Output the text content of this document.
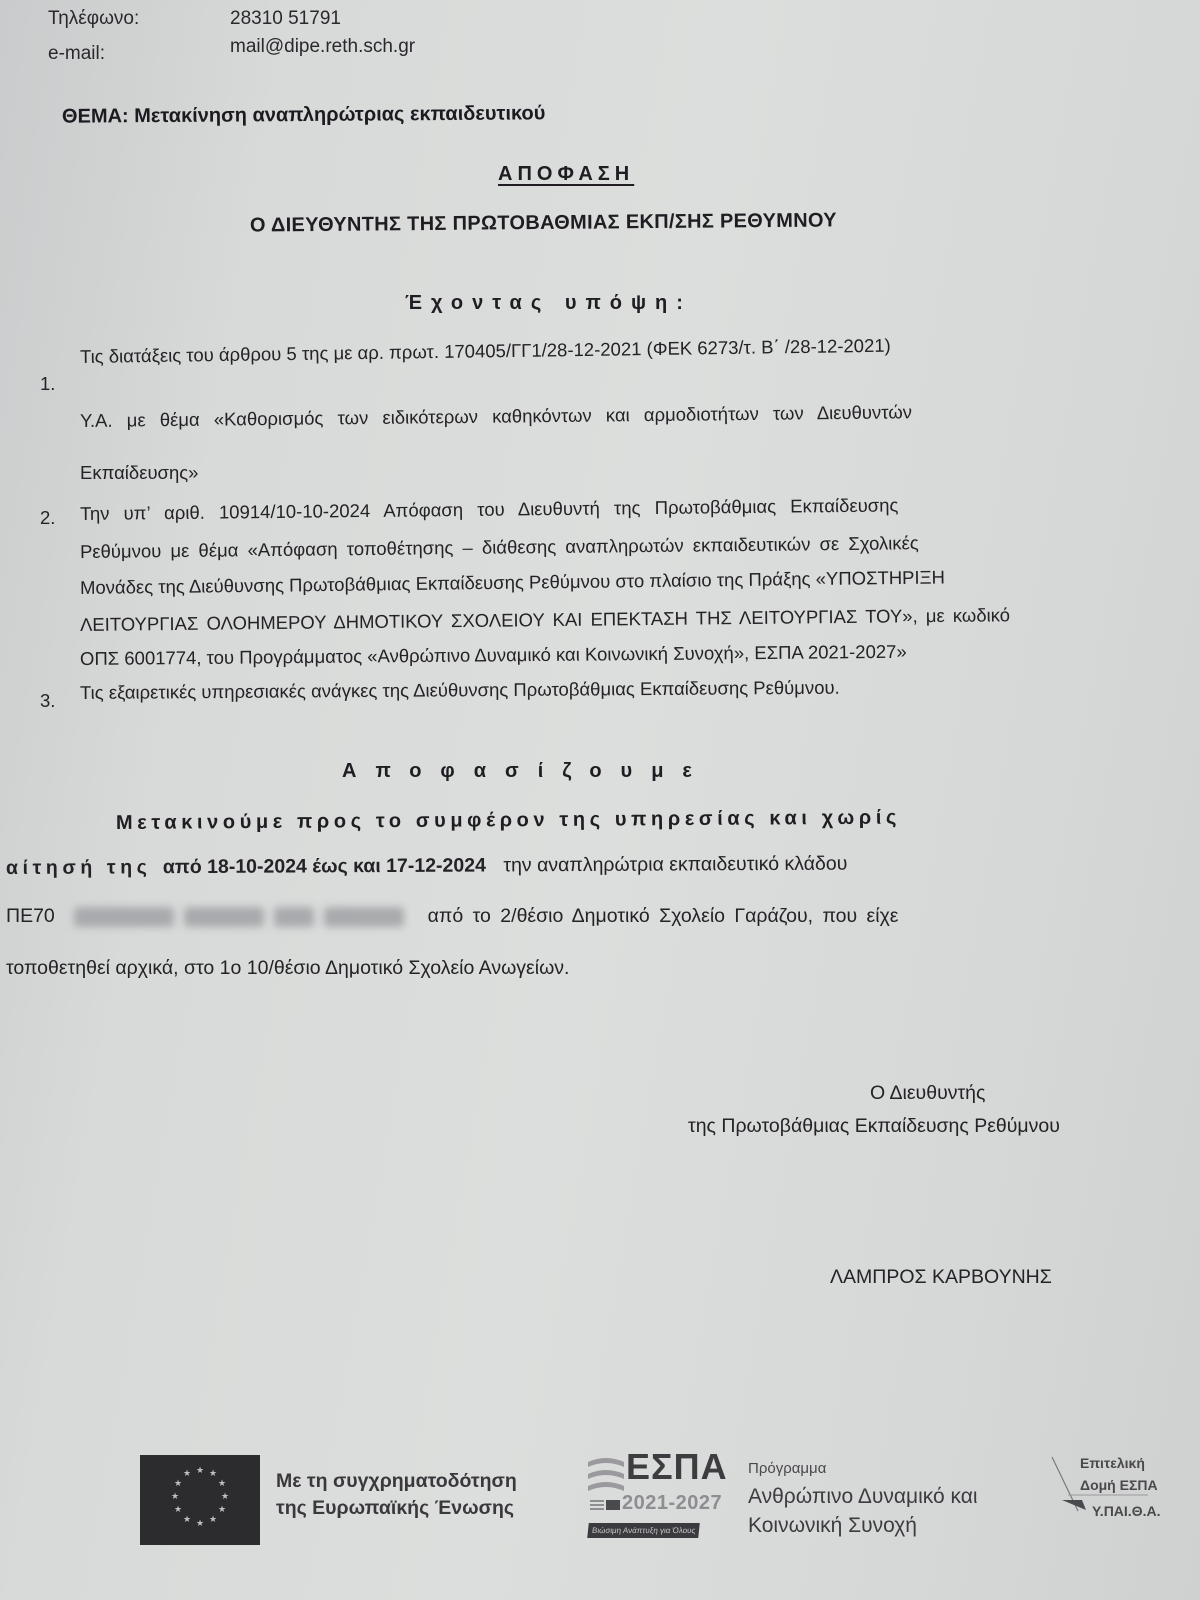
Τηλέφωνο:	28310 51791
e-mail:	mail@dipe.reth.sch.gr
ΘΕΜΑ: Μετακίνηση αναπληρώτριας εκπαιδευτικού
ΑΠΟΦΑΣΗ
Ο ΔΙΕΥΘΥΝΤΗΣ ΤΗΣ ΠΡΩΤΟΒΑΘΜΙΑΣ ΕΚΠ/ΣΗΣ ΡΕΘΥΜΝΟΥ
Έχοντας υπόψη:
1.
Τις διατάξεις του άρθρου 5 της με αρ. πρωτ. 170405/ΓΓ1/28-12-2021 (ΦΕΚ 6273/τ. Β΄ /28-12-2021)
Υ.Α. με θέμα «Καθορισμός των ειδικότερων καθηκόντων και αρμοδιοτήτων των Διευθυντών
Εκπαίδευσης»
2. Την υπ’ αριθ. 10914/10-10-2024 Απόφαση του Διευθυντή της Πρωτοβάθμιας Εκπαίδευσης
Ρεθύμνου με θέμα «Απόφαση τοποθέτησης – διάθεσης αναπληρωτών εκπαιδευτικών σε Σχολικές
Μονάδες της Διεύθυνσης Πρωτοβάθμιας Εκπαίδευσης Ρεθύμνου στο πλαίσιο της Πράξης «ΥΠΟΣΤΗΡΙΞΗ
ΛΕΙΤΟΥΡΓΙΑΣ ΟΛΟΗΜΕΡΟΥ ΔΗΜΟΤΙΚΟΥ ΣΧΟΛΕΙΟΥ ΚΑΙ ΕΠΕΚΤΑΣΗ ΤΗΣ ΛΕΙΤΟΥΡΓΙΑΣ ΤΟΥ», με κωδικό
ΟΠΣ 6001774, του Προγράμματος «Ανθρώπινο Δυναμικό και Κοινωνική Συνοχή», ΕΣΠΑ 2021-2027»
3. Τις εξαιρετικές υπηρεσιακές ανάγκες της Διεύθυνσης Πρωτοβάθμιας Εκπαίδευσης Ρεθύμνου.
Αποφασίζουμε
Μετακινούμε προς το συμφέρον της υπηρεσίας και χωρίς
αίτησή της από 18-10-2024 έως και 17-12-2024 την αναπληρώτρια εκπαιδευτικό κλάδου
ΠΕ70	από το 2/θέσιο Δημοτικό Σχολείο Γαράζου, που είχε
τοποθετηθεί αρχικά, στο 1ο 10/θέσιο Δημοτικό Σχολείο Ανωγείων.
Ο Διευθυντής
της Πρωτοβάθμιας Εκπαίδευσης Ρεθύμνου
ΛΑΜΠΡΟΣ ΚΑΡΒΟΥΝΗΣ
★ ★
★
★
★
★
★
★
★
★
★
★	Με τη συγχρηματοδότηση
της Ευρωπαϊκής Ένωσης
ΕΣΠΑ
2021-2027
Βιώσιμη Ανάπτυξη για Όλους
Πρόγραμμα
Ανθρώπινο Δυναμικό και
Κοινωνική Συνοχή
Επιτελική
Δομή ΕΣΠΑ
Υ.ΠΑΙ.Θ.Α.
